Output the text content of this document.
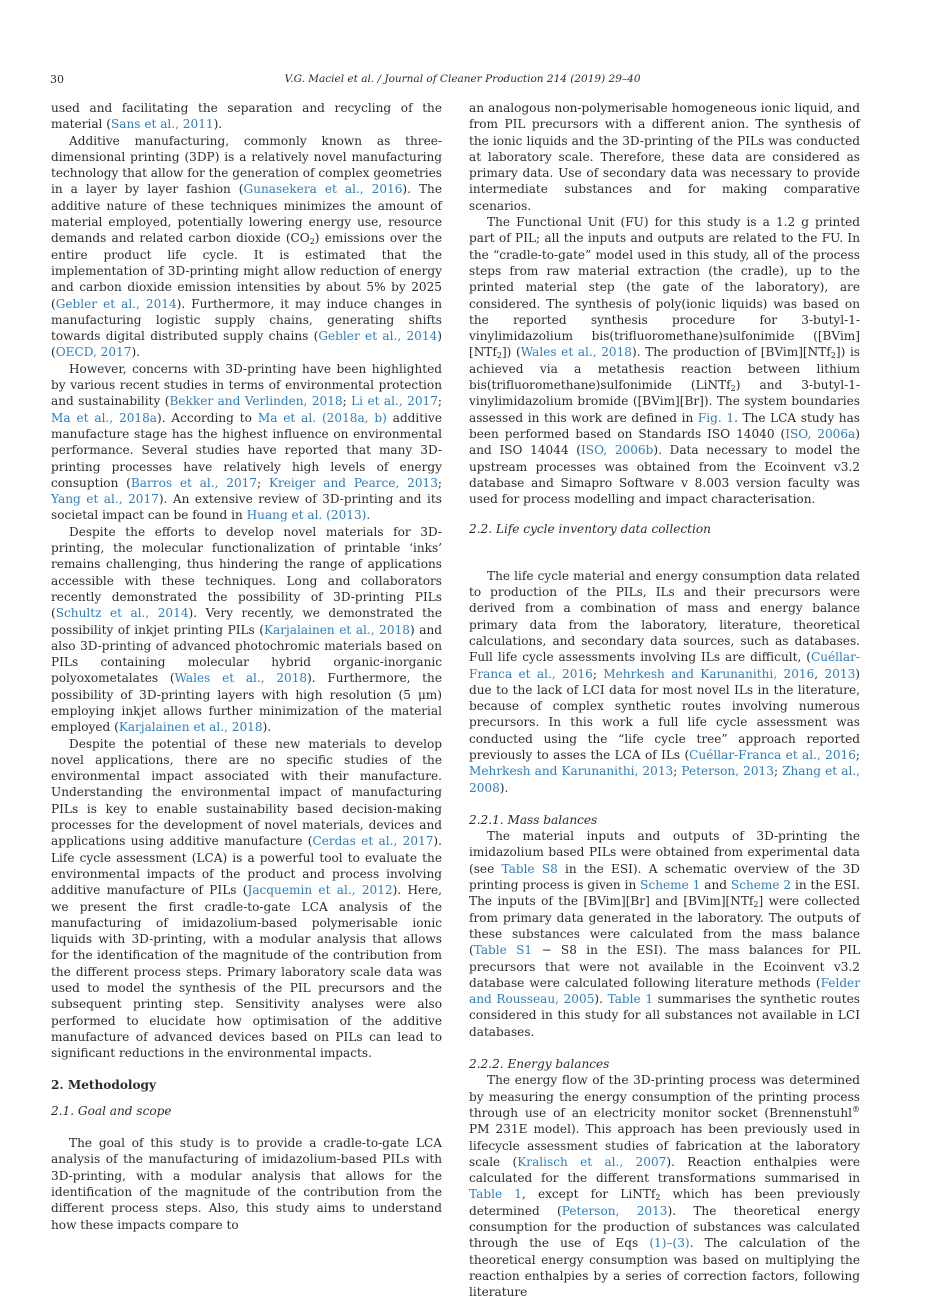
30	V.G. Maciel et al. / Journal of Cleaner Production 214 (2019) 29–40

used and facilitating the separation and recycling of the material (Sans et al., 2011).

Additive manufacturing, commonly known as three-dimensional printing (3DP) is a relatively novel manufacturing technology that allow for the generation of complex geometries in a layer by layer fashion (Gunasekera et al., 2016). The additive nature of these techniques minimizes the amount of material employed, potentially lowering energy use, resource demands and related carbon dioxide $(CO_2)$ emissions over the entire product life cycle. It is estimated that the implementation of 3D-printing might allow reduction of energy and carbon dioxide emission intensities by about 5% by 2025 (Gebler et al., 2014). Furthermore, it may induce changes in manufacturing logistic supply chains, generating shifts towards digital distributed supply chains (Gebler et al., 2014) (OECD, 2017).

However, concerns with 3D-printing have been highlighted by various recent studies in terms of environmental protection and sustainability (Bekker and Verlinden, 2018; Li et al., 2017; Ma et al., 2018a). According to Ma et al. (2018a, b) additive manufacture stage has the highest influence on environmental performance. Several studies have reported that many 3D-printing processes have relatively high levels of energy consuption (Barros et al., 2017; Kreiger and Pearce, 2013; Yang et al., 2017). An extensive review of 3D-printing and its societal impact can be found in Huang et al. (2013).

Despite the efforts to develop novel materials for 3D-printing, the molecular functionalization of printable ‘inks’ remains challenging, thus hindering the range of applications accessible with these techniques. Long and collaborators recently demonstrated the possibility of 3D-printing PILs (Schultz et al., 2014). Very recently, we demonstrated the possibility of inkjet printing PILs (Karjalainen et al., 2018) and also 3D-printing of advanced photochromic materials based on PILs containing molecular hybrid organic-inorganic polyoxometalates (Wales et al., 2018). Furthermore, the possibility of 3D-printing layers with high resolution (5 μm) employing inkjet allows further minimization of the material employed (Karjalainen et al., 2018).

Despite the potential of these new materials to develop novel applications, there are no specific studies of the environmental impact associated with their manufacture. Understanding the environmental impact of manufacturing PILs is key to enable sustainability based decision-making processes for the development of novel materials, devices and applications using additive manufacture (Cerdas et al., 2017). Life cycle assessment (LCA) is a powerful tool to evaluate the environmental impacts of the product and process involving additive manufacture of PILs (Jacquemin et al., 2012). Here, we present the first cradle-to-gate LCA analysis of the manufacturing of imidazolium-based polymerisable ionic liquids with 3D-printing, with a modular analysis that allows for the identification of the magnitude of the contribution from the different process steps. Primary laboratory scale data was used to model the synthesis of the PIL precursors and the subsequent printing step. Sensitivity analyses were also performed to elucidate how optimisation of the additive manufacture of advanced devices based on PILs can lead to significant reductions in the environmental impacts.

2. Methodology
2.1. Goal and scope

The goal of this study is to provide a cradle-to-gate LCA analysis of the manufacturing of imidazolium-based PILs with 3D-printing, with a modular analysis that allows for the identification of the magnitude of the contribution from the different process steps. Also, this study aims to understand how these impacts compare to

an analogous non-polymerisable homogeneous ionic liquid, and from PIL precursors with a different anion. The synthesis of the ionic liquids and the 3D-printing of the PILs was conducted at laboratory scale. Therefore, these data are considered as primary data. Use of secondary data was necessary to provide intermediate substances and for making comparative scenarios.

The Functional Unit (FU) for this study is a 1.2 g printed part of PIL; all the inputs and outputs are related to the FU. In the “cradle-to-gate” model used in this study, all of the process steps from raw material extraction (the cradle), up to the printed material step (the gate of the laboratory), are considered. The synthesis of poly(ionic liquids) was based on the reported synthesis procedure for 3-butyl-1-vinylimidazolium bis(trifluoromethane)sulfonimide ([BVim][NTf$_2$]) (Wales et al., 2018). The production of [BVim][NTf$_2$]) is achieved via a metathesis reaction between lithium bis(trifluoromethane)sulfonimide (LiNTf$_2$) and 3-butyl-1-vinylimidazolium bromide ([BVim][Br]). The system boundaries assessed in this work are defined in Fig. 1. The LCA study has been performed based on Standards ISO 14040 (ISO, 2006a) and ISO 14044 (ISO, 2006b). Data necessary to model the upstream processes was obtained from the Ecoinvent v3.2 database and Simapro Software v 8.003 version faculty was used for process modelling and impact characterisation.

2.2. Life cycle inventory data collection

The life cycle material and energy consumption data related to production of the PILs, ILs and their precursors were derived from a combination of mass and energy balance primary data from the laboratory, literature, theoretical calculations, and secondary data sources, such as databases. Full life cycle assessments involving ILs are difficult, (Cuéllar-Franca et al., 2016; Mehrkesh and Karunanithi, 2016, 2013) due to the lack of LCI data for most novel ILs in the literature, because of complex synthetic routes involving numerous precursors. In this work a full life cycle assessment was conducted using the “life cycle tree” approach reported previously to asses the LCA of ILs (Cuéllar-Franca et al., 2016; Mehrkesh and Karunanithi, 2013; Peterson, 2013; Zhang et al., 2008).

2.2.1. Mass balances

The material inputs and outputs of 3D-printing the imidazolium based PILs were obtained from experimental data (see Table S8 in the ESI). A schematic overview of the 3D printing process is given in Scheme 1 and Scheme 2 in the ESI. The inputs of the [BVim][Br] and [BVim][NTf$_2$] were collected from primary data generated in the laboratory. The outputs of these substances were calculated from the mass balance (Table S1 − S8 in the ESI). The mass balances for PIL precursors that were not available in the Ecoinvent v3.2 database were calculated following literature methods (Felder and Rousseau, 2005). Table 1 summarises the synthetic routes considered in this study for all substances not available in LCI databases.

2.2.2. Energy balances

The energy flow of the 3D-printing process was determined by measuring the energy consumption of the printing process through use of an electricity monitor socket (Brennenstuhl® PM 231E model). This approach has been previously used in lifecycle assessment studies of fabrication at the laboratory scale (Kralisch et al., 2007). Reaction enthalpies were calculated for the different transformations summarised in Table 1, except for LiNTf$_2$ which has been previously determined (Peterson, 2013). The theoretical energy consumption for the production of substances was calculated through the use of Eqs (1)–(3). The calculation of the theoretical energy consumption was based on multiplying the reaction enthalpies by a series of correction factors, following literature
